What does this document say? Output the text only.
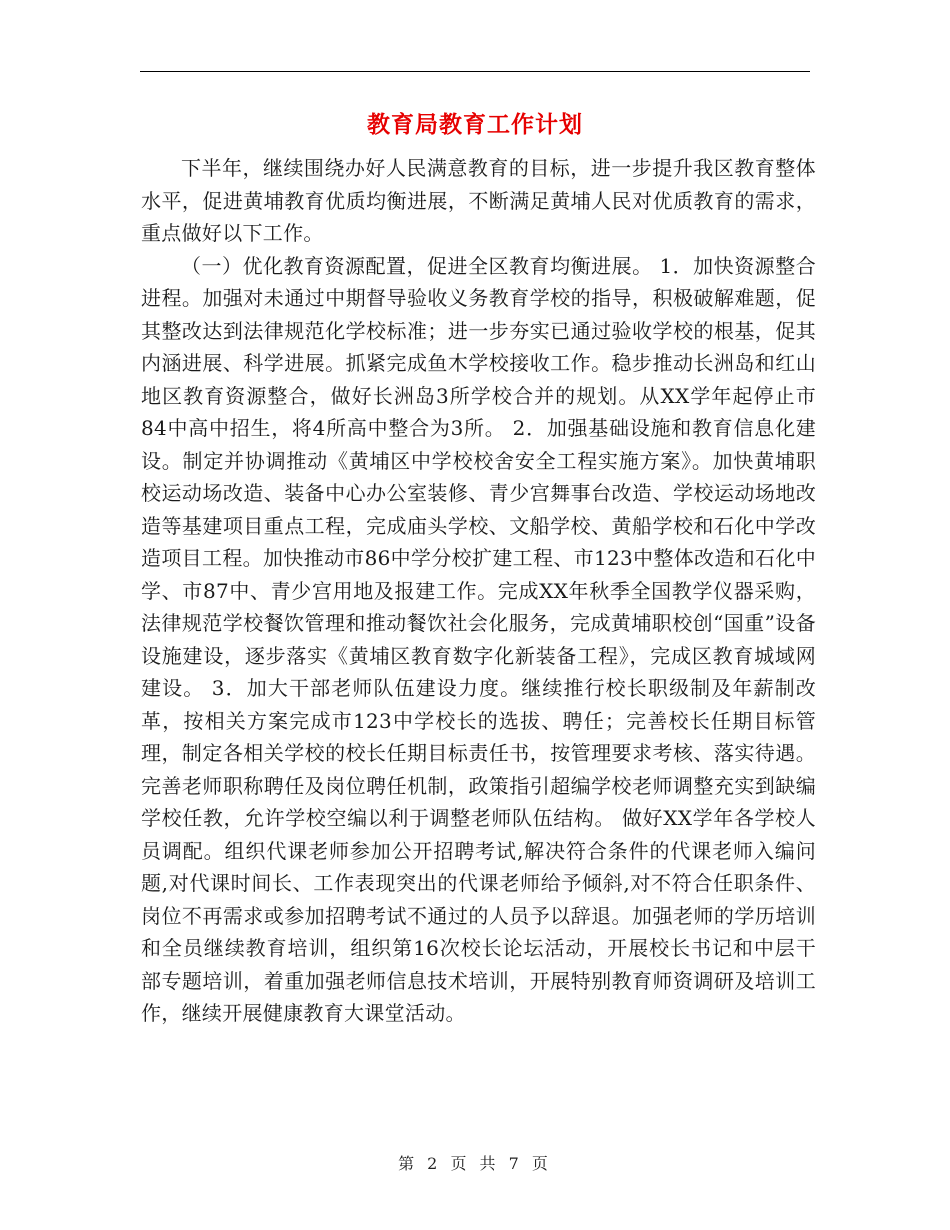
教育局教育工作计划

下半年，继续围绕办好人民满意教育的目标，进一步提升我区教育整体水平，促进黄埔教育优质均衡进展，不断满足黄埔人民对优质教育的需求，重点做好以下工作。

（一）优化教育资源配置，促进全区教育均衡进展。 1．加快资源整合进程。加强对未通过中期督导验收义务教育学校的指导，积极破解难题，促其整改达到法律规范化学校标准；进一步夯实已通过验收学校的根基，促其内涵进展、科学进展。抓紧完成鱼木学校接收工作。稳步推动长洲岛和红山地区教育资源整合，做好长洲岛3所学校合并的规划。从XX学年起停止市84中高中招生，将4所高中整合为3所。 2．加强基础设施和教育信息化建设。制定并协调推动《黄埔区中学校校舍安全工程实施方案》。加快黄埔职校运动场改造、装备中心办公室装修、青少宫舞事台改造、学校运动场地改造等基建项目重点工程，完成庙头学校、文船学校、黄船学校和石化中学改造项目工程。加快推动市86中学分校扩建工程、市123中整体改造和石化中学、市87中、青少宫用地及报建工作。完成XX年秋季全国教学仪器采购，法律规范学校餐饮管理和推动餐饮社会化服务，完成黄埔职校创“国重”设备设施建设，逐步落实《黄埔区教育数字化新装备工程》，完成区教育城域网建设。 3．加大干部老师队伍建设力度。继续推行校长职级制及年薪制改革，按相关方案完成市123中学校长的选拔、聘任；完善校长任期目标管理，制定各相关学校的校长任期目标责任书，按管理要求考核、落实待遇。完善老师职称聘任及岗位聘任机制，政策指引超编学校老师调整充实到缺编学校任教，允许学校空编以利于调整老师队伍结构。 做好XX学年各学校人员调配。组织代课老师参加公开招聘考试,解决符合条件的代课老师入编问题,对代课时间长、工作表现突出的代课老师给予倾斜,对不符合任职条件、岗位不再需求或参加招聘考试不通过的人员予以辞退。加强老师的学历培训和全员继续教育培训，组织第16次校长论坛活动，开展校长书记和中层干部专题培训，着重加强老师信息技术培训，开展特别教育师资调研及培训工作，继续开展健康教育大课堂活动。

第 2 页 共 7 页
